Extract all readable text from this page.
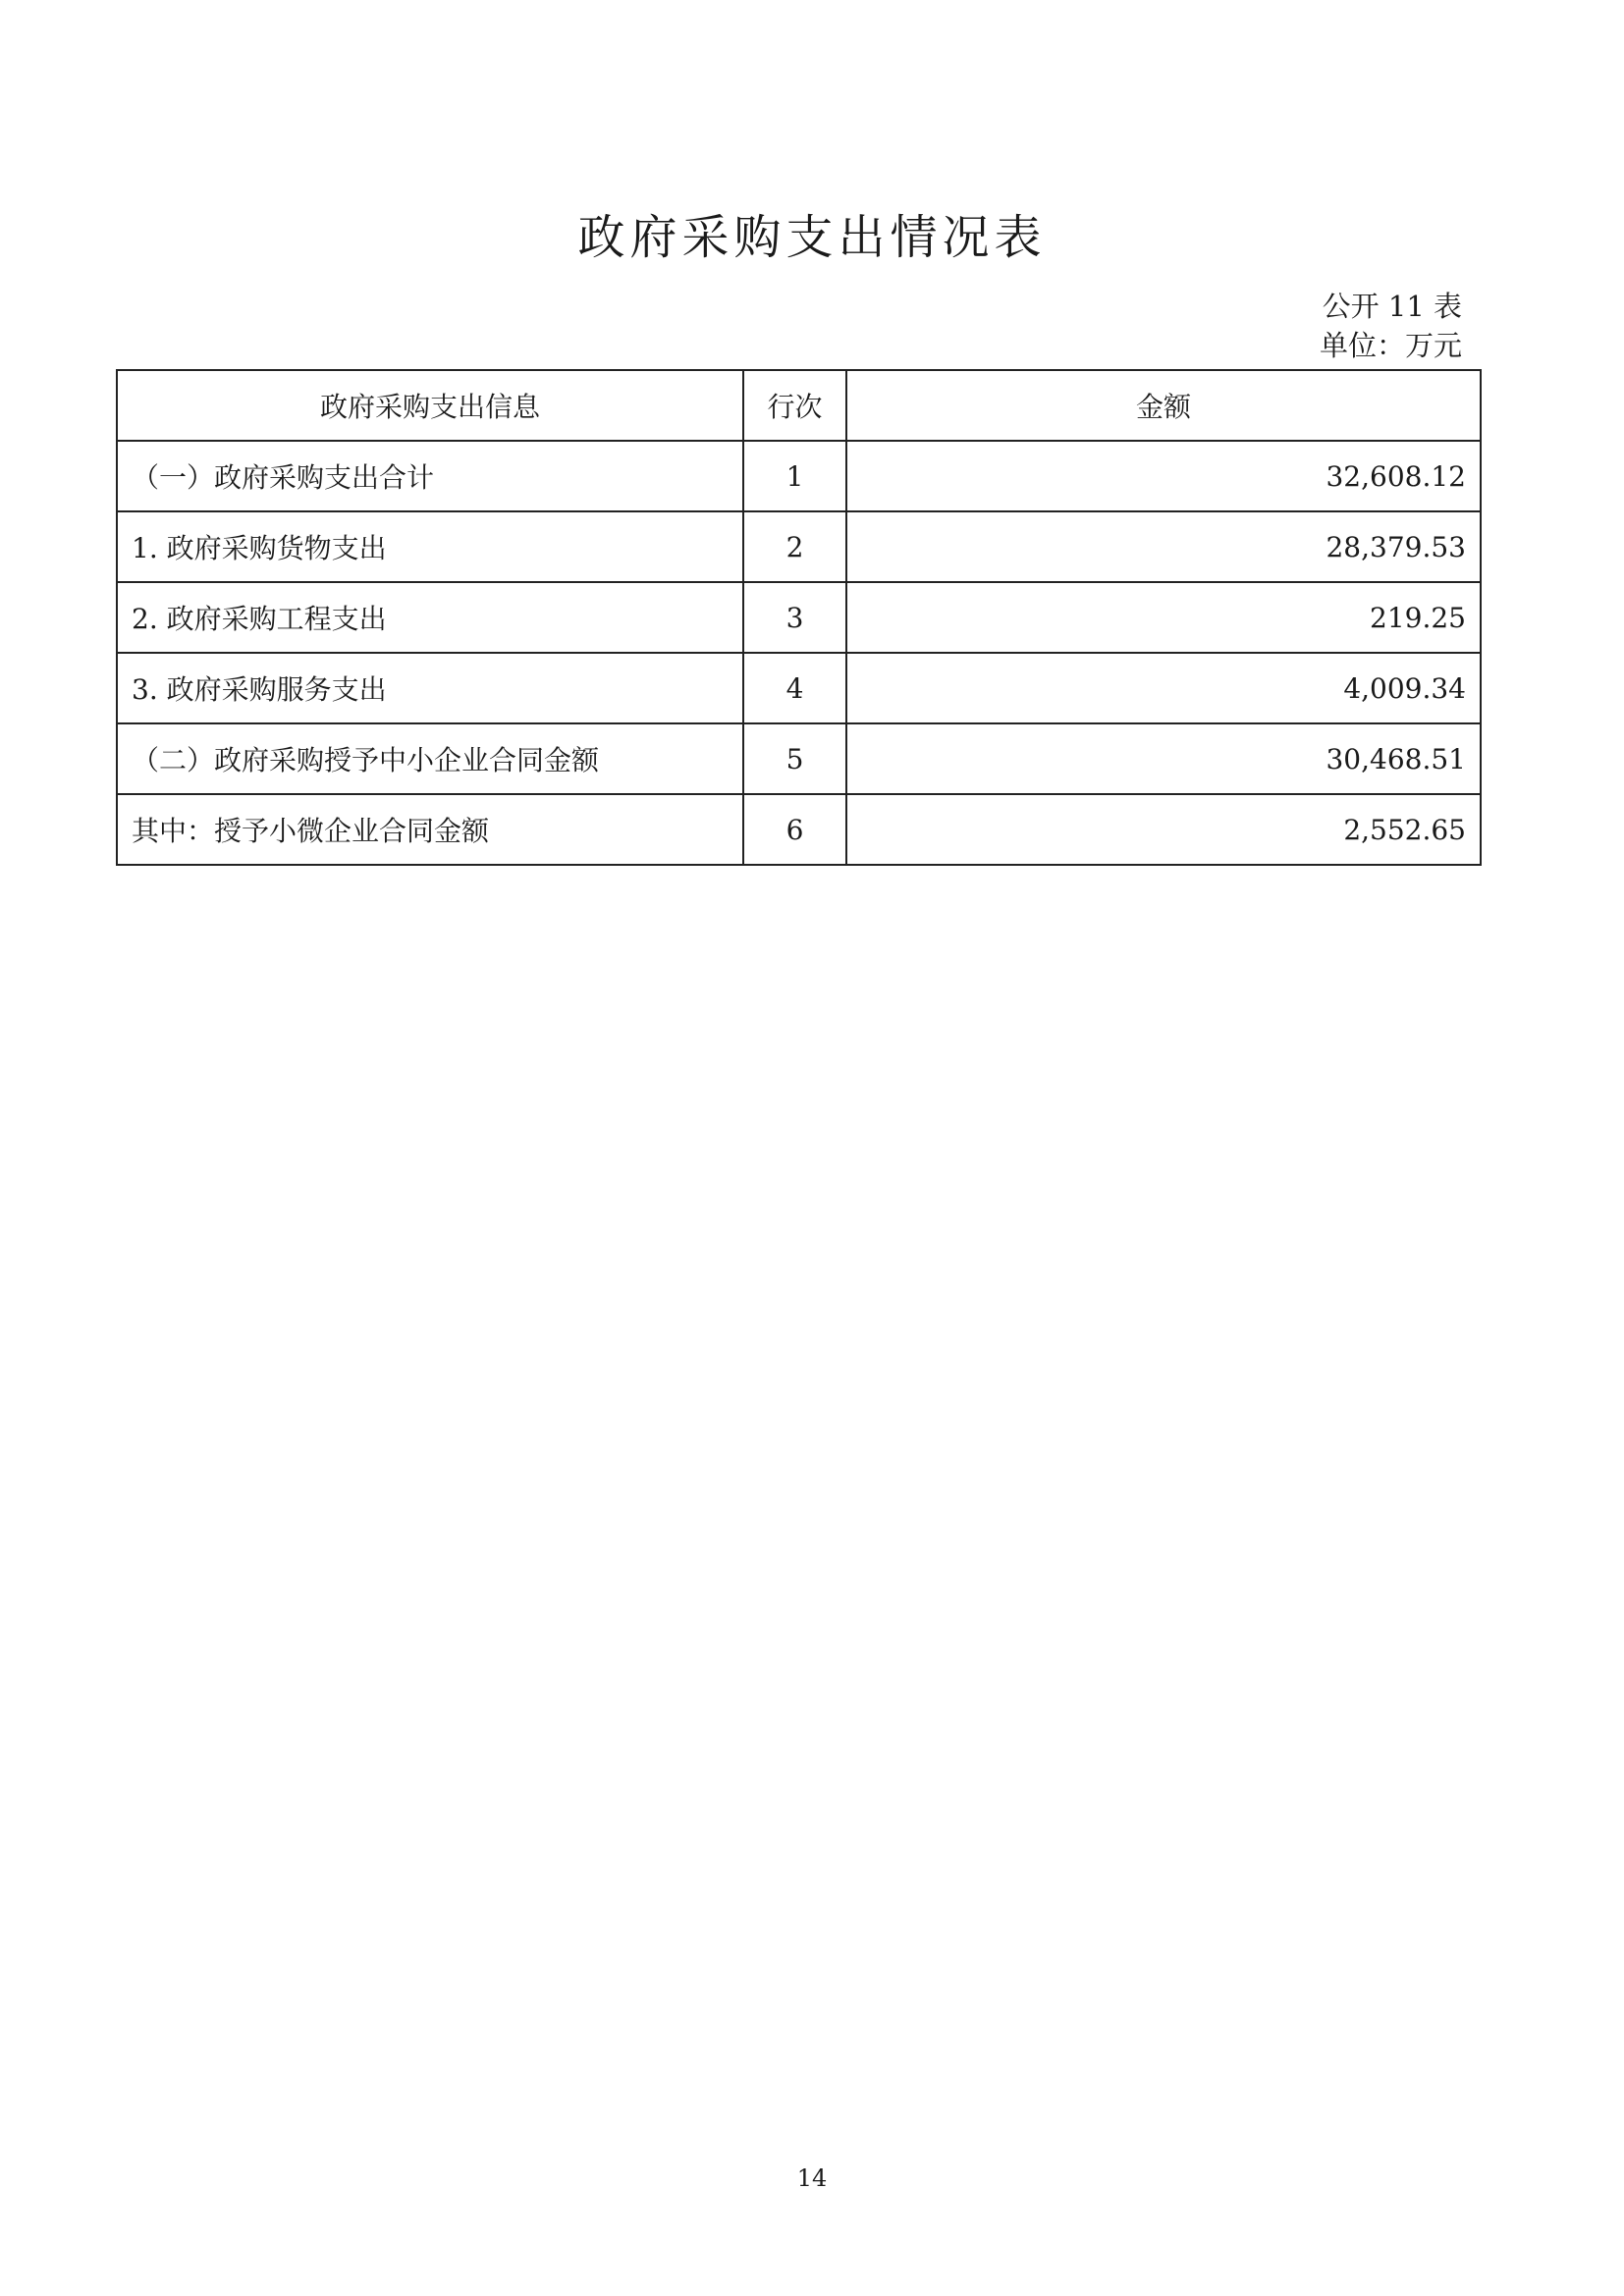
政府采购支出情况表
公开 11 表
单位：万元
政府采购支出信息	行次	金额
（一）政府采购支出合计	1	32,608.12
1. 政府采购货物支出	2	28,379.53
2. 政府采购工程支出	3	219.25
3. 政府采购服务支出	4	4,009.34
（二）政府采购授予中小企业合同金额	5	30,468.51
其中：授予小微企业合同金额	6	2,552.65
14
